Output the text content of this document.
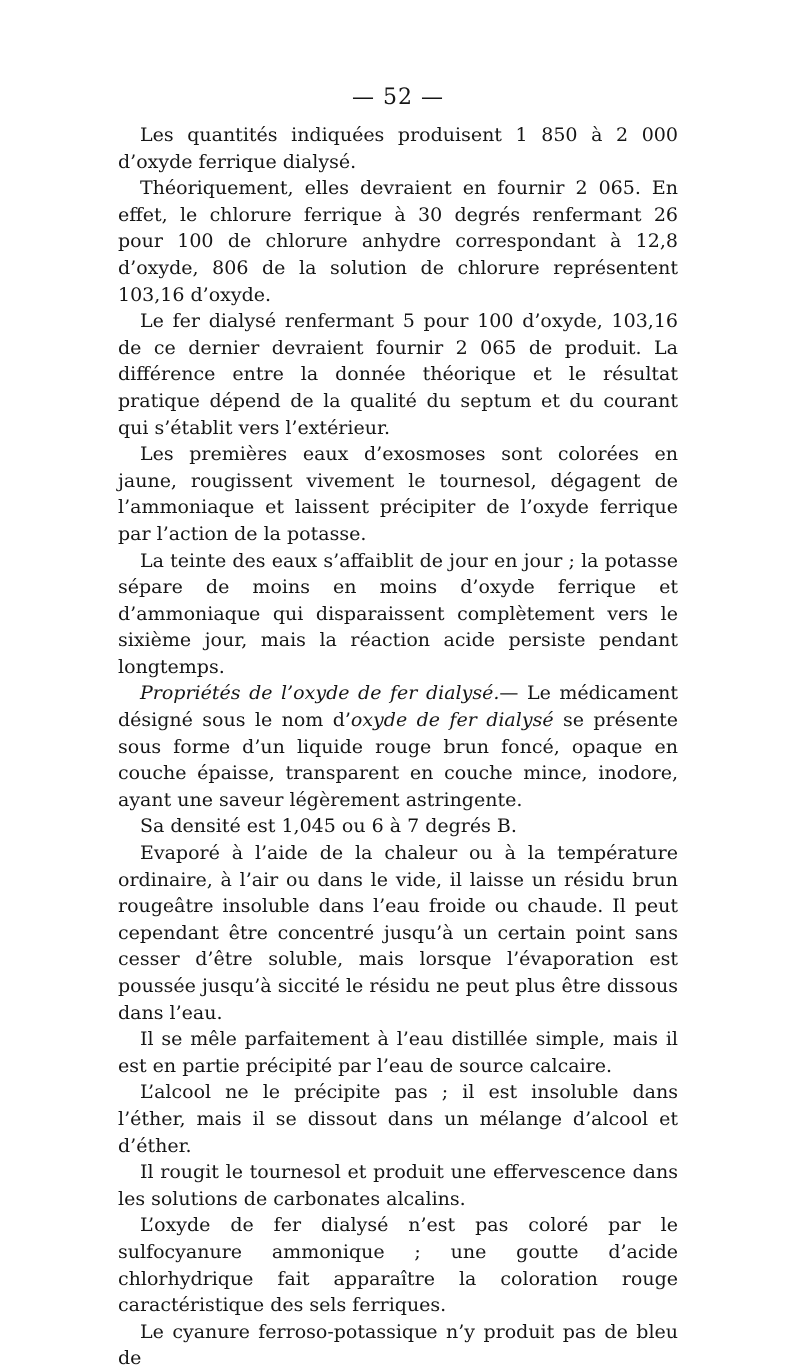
— 52 —

Les quantités indiquées produisent 1 850 à 2 000 d’oxyde ferrique dialysé.

Théoriquement, elles devraient en fournir 2 065. En effet, le chlorure ferrique à 30 degrés renfermant 26 pour 100 de chlorure anhydre correspondant à 12,8 d’oxyde, 806 de la solution de chlorure représentent 103,16 d’oxyde.

Le fer dialysé renfermant 5 pour 100 d’oxyde, 103,16 de ce dernier devraient fournir 2 065 de produit. La différence entre la donnée théorique et le résultat pratique dépend de la qualité du septum et du courant qui s’établit vers l’extérieur.

Les premières eaux d’exosmoses sont colorées en jaune, rougissent vivement le tournesol, dégagent de l’ammoniaque et laissent précipiter de l’oxyde ferrique par l’action de la potasse.

La teinte des eaux s’affaiblit de jour en jour ; la potasse sépare de moins en moins d’oxyde ferrique et d’ammoniaque qui disparaissent complètement vers le sixième jour, mais la réaction acide persiste pendant longtemps.

Propriétés de l’oxyde de fer dialysé.— Le médicament désigné sous le nom d’oxyde de fer dialysé se présente sous forme d’un liquide rouge brun foncé, opaque en couche épaisse, transparent en couche mince, inodore, ayant une saveur légèrement astringente.

Sa densité est 1,045 ou 6 à 7 degrés B.

Evaporé à l’aide de la chaleur ou à la température ordinaire, à l’air ou dans le vide, il laisse un résidu brun rougeâtre insoluble dans l’eau froide ou chaude. Il peut cependant être concentré jusqu’à un certain point sans cesser d’être soluble, mais lorsque l’évaporation est poussée jusqu’à siccité le résidu ne peut plus être dissous dans l’eau.

Il se mêle parfaitement à l’eau distillée simple, mais il est en partie précipité par l’eau de source calcaire.

L’alcool ne le précipite pas ; il est insoluble dans l’éther, mais il se dissout dans un mélange d’alcool et d’éther.

Il rougit le tournesol et produit une effervescence dans les solutions de carbonates alcalins.

L’oxyde de fer dialysé n’est pas coloré par le sulfocyanure ammonique ; une goutte d’acide chlorhydrique fait apparaître la coloration rouge caractéristique des sels ferriques.

Le cyanure ferroso-potassique n’y produit pas de bleu de
